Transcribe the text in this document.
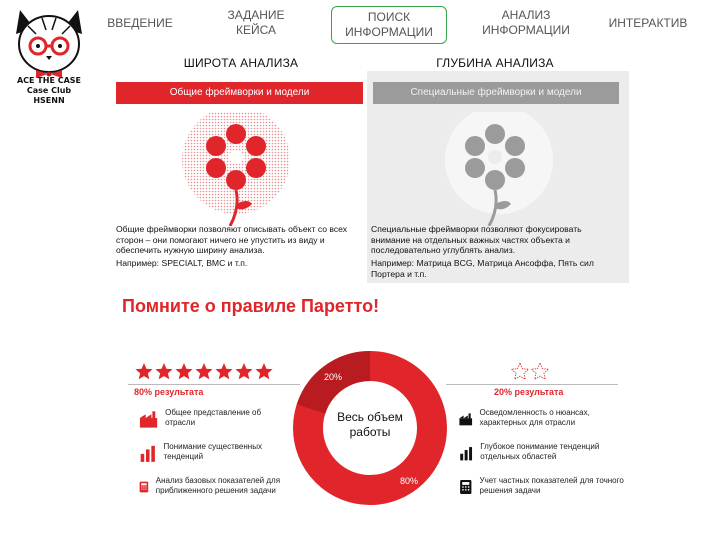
ACE THE CASE
Case Club
HSENN
ВВЕДЕНИЕ
ЗАДАНИЕ КЕЙСА
ПОИСК ИНФОРМАЦИИ
АНАЛИЗ ИНФОРМАЦИИ	ИНТЕРАКТИВ
ШИРОТА АНАЛИЗА	ГЛУБИНА АНАЛИЗА
Общие фреймворки и модели
Общие фреймворки позволяют описывать объект со всех сторон – они помогают ничего не упустить из виду и обеспечить нужную ширину анализа.
Например: SPECIALT, BMC и т.п.
Специальные фреймворки и модели
Специальные фреймворки позволяют фокусировать внимание на отдельных важных частях объекта и последовательно углублять анализ.
Например: Матрица BCG, Матрица Ансоффа, Пять сил Портера и т.п.
Помните о правиле Паретто!
80% результата	20% результата
20%
80%
Весь объем работы
Общее представление об отрасли
Понимание существенных тенденций
Анализ базовых показателей для приближенного решения задачи
Осведомленность о нюансах, характерных для отрасли
Глубокое понимание тенденций отдельных областей
Учет частных показателей для точного решения задачи
